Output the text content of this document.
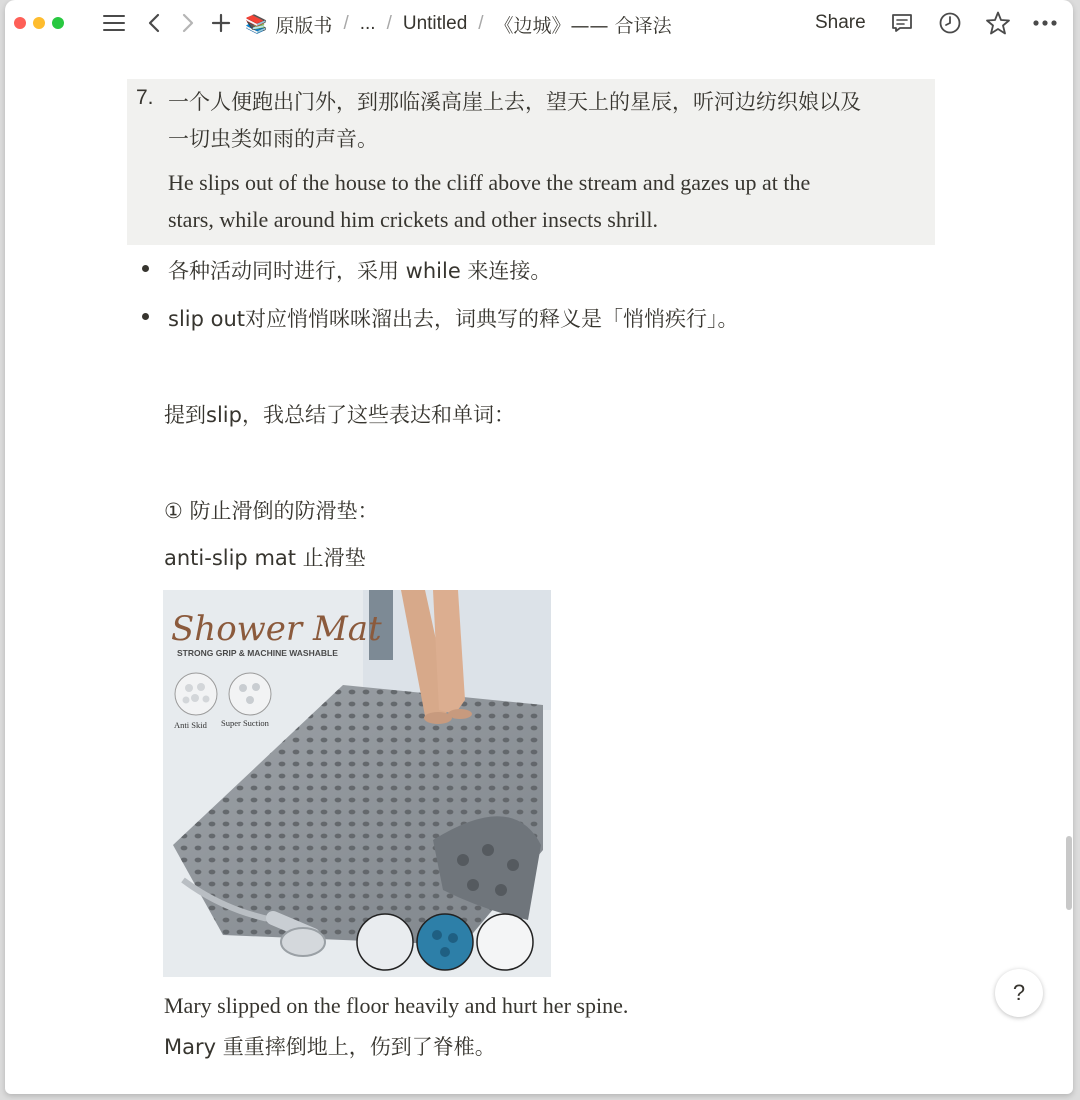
📚 原版书 / ... / Untitled / 《边城》—— 合译法	Share
7. 一个人便跑出门外，到那临溪高崖上去，望天上的星辰，听河边纺织娘以及
一切虫类如雨的声音。
He slips out of the house to the cliff above the stream and gazes up at the
stars, while around him crickets and other insects shrill.
各种活动同时进行，采用 while 来连接。
slip out对应悄悄咪咪溜出去，词典写的释义是「悄悄疾行」。
提到slip，我总结了这些表达和单词：
① 防止滑倒的防滑垫：
anti-slip mat 止滑垫
Shower Mat
STRONG GRIP & MACHINE WASHABLE
Anti Skid Super Suction
Mary slipped on the floor heavily and hurt her spine.
Mary 重重摔倒地上，伤到了脊椎。
?
